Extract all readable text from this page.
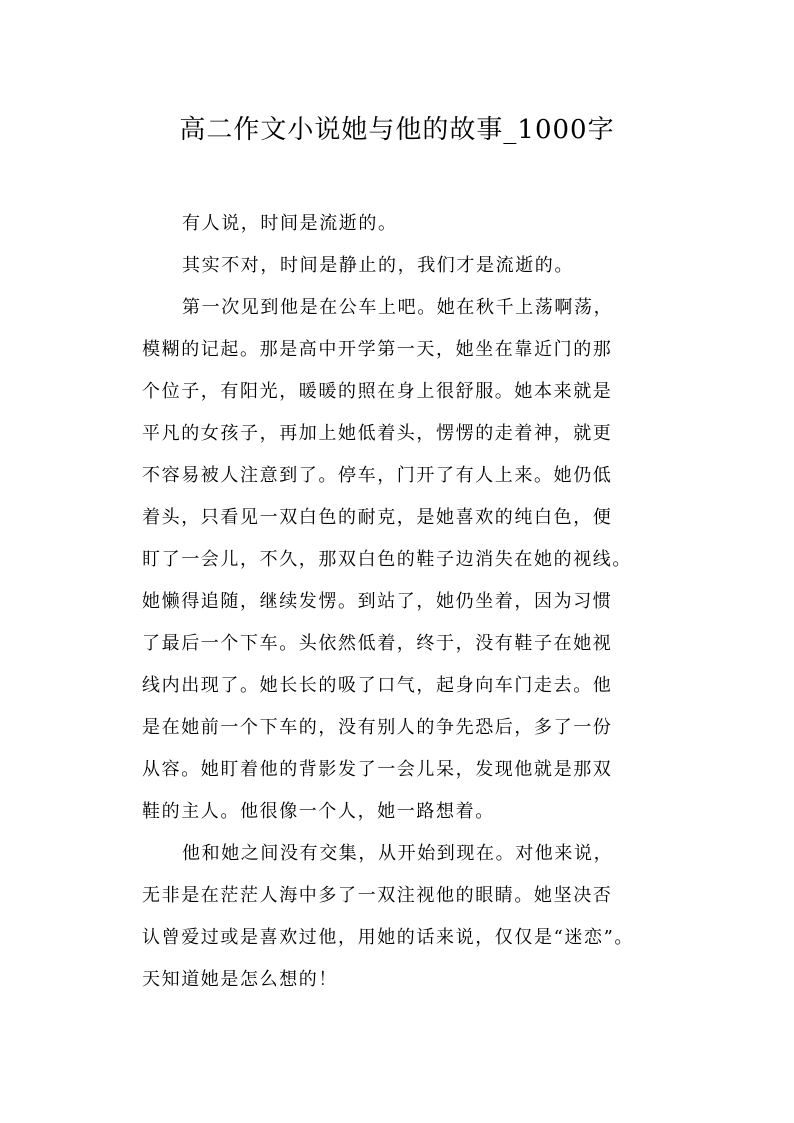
高二作文小说她与他的故事_1000字

有人说，时间是流逝的。

其实不对，时间是静止的，我们才是流逝的。

第一次见到他是在公车上吧。她在秋千上荡啊荡，
模糊的记起。那是高中开学第一天，她坐在靠近门的那
个位子，有阳光，暖暖的照在身上很舒服。她本来就是
平凡的女孩子，再加上她低着头，愣愣的走着神，就更
不容易被人注意到了。停车，门开了有人上来。她仍低
着头，只看见一双白色的耐克，是她喜欢的纯白色，便
盯了一会儿，不久，那双白色的鞋子边消失在她的视线。
她懒得追随，继续发愣。到站了，她仍坐着，因为习惯
了最后一个下车。头依然低着，终于，没有鞋子在她视
线内出现了。她长长的吸了口气，起身向车门走去。他
是在她前一个下车的，没有别人的争先恐后，多了一份
从容。她盯着他的背影发了一会儿呆，发现他就是那双
鞋的主人。他很像一个人，她一路想着。

他和她之间没有交集，从开始到现在。对他来说，
无非是在茫茫人海中多了一双注视他的眼睛。她坚决否
认曾爱过或是喜欢过他，用她的话来说，仅仅是“迷恋”。
天知道她是怎么想的！
